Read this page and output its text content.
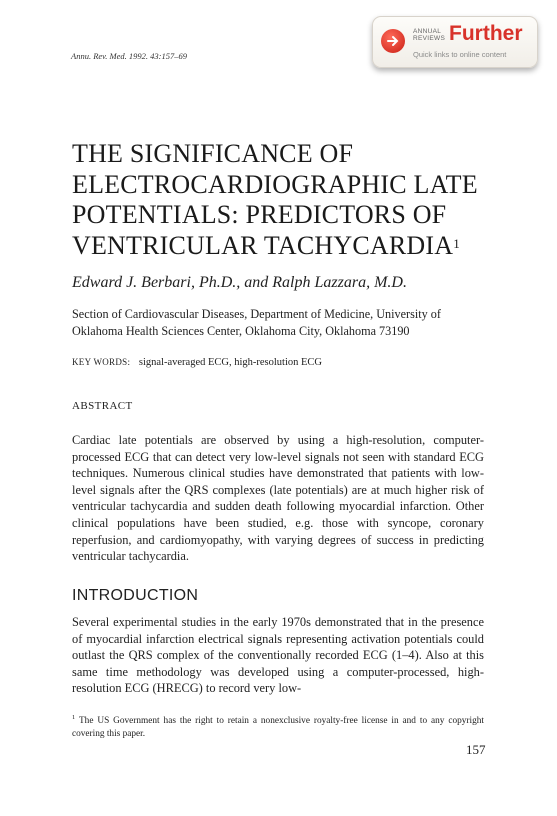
Annu. Rev. Med. 1992. 43:157–69
ANNUAL
REVIEWS Further
Quick links to online content
THE SIGNIFICANCE OF
ELECTROCARDIOGRAPHIC LATE
POTENTIALS: PREDICTORS OF
VENTRICULAR TACHYCARDIA$^1$
Edward J. Berbari, Ph.D., and Ralph Lazzara, M.D.
Section of Cardiovascular Diseases, Department of Medicine, University of Oklahoma Health Sciences Center, Oklahoma City, Oklahoma 73190
KEY WORDS: signal-averaged ECG, high-resolution ECG
ABSTRACT

Cardiac late potentials are observed by using a high-resolution, computer-processed ECG that can detect very low-level signals not seen with standard ECG techniques. Numerous clinical studies have demonstrated that patients with low-level signals after the QRS complexes (late potentials) are at much higher risk of ventricular tachycardia and sudden death following myocardial infarction. Other clinical populations have been studied, e.g. those with syncope, coronary reperfusion, and cardiomyopathy, with varying degrees of success in predicting ventricular tachycardia.

INTRODUCTION

Several experimental studies in the early 1970s demonstrated that in the presence of myocardial infarction electrical signals representing activation potentials could outlast the QRS complex of the conventionally recorded ECG (1–4). Also at this same time methodology was developed using a computer-processed, high-resolution ECG (HRECG) to record very low-

$^1$ The US Government has the right to retain a nonexclusive royalty-free license in and to any copyright covering this paper.
157
